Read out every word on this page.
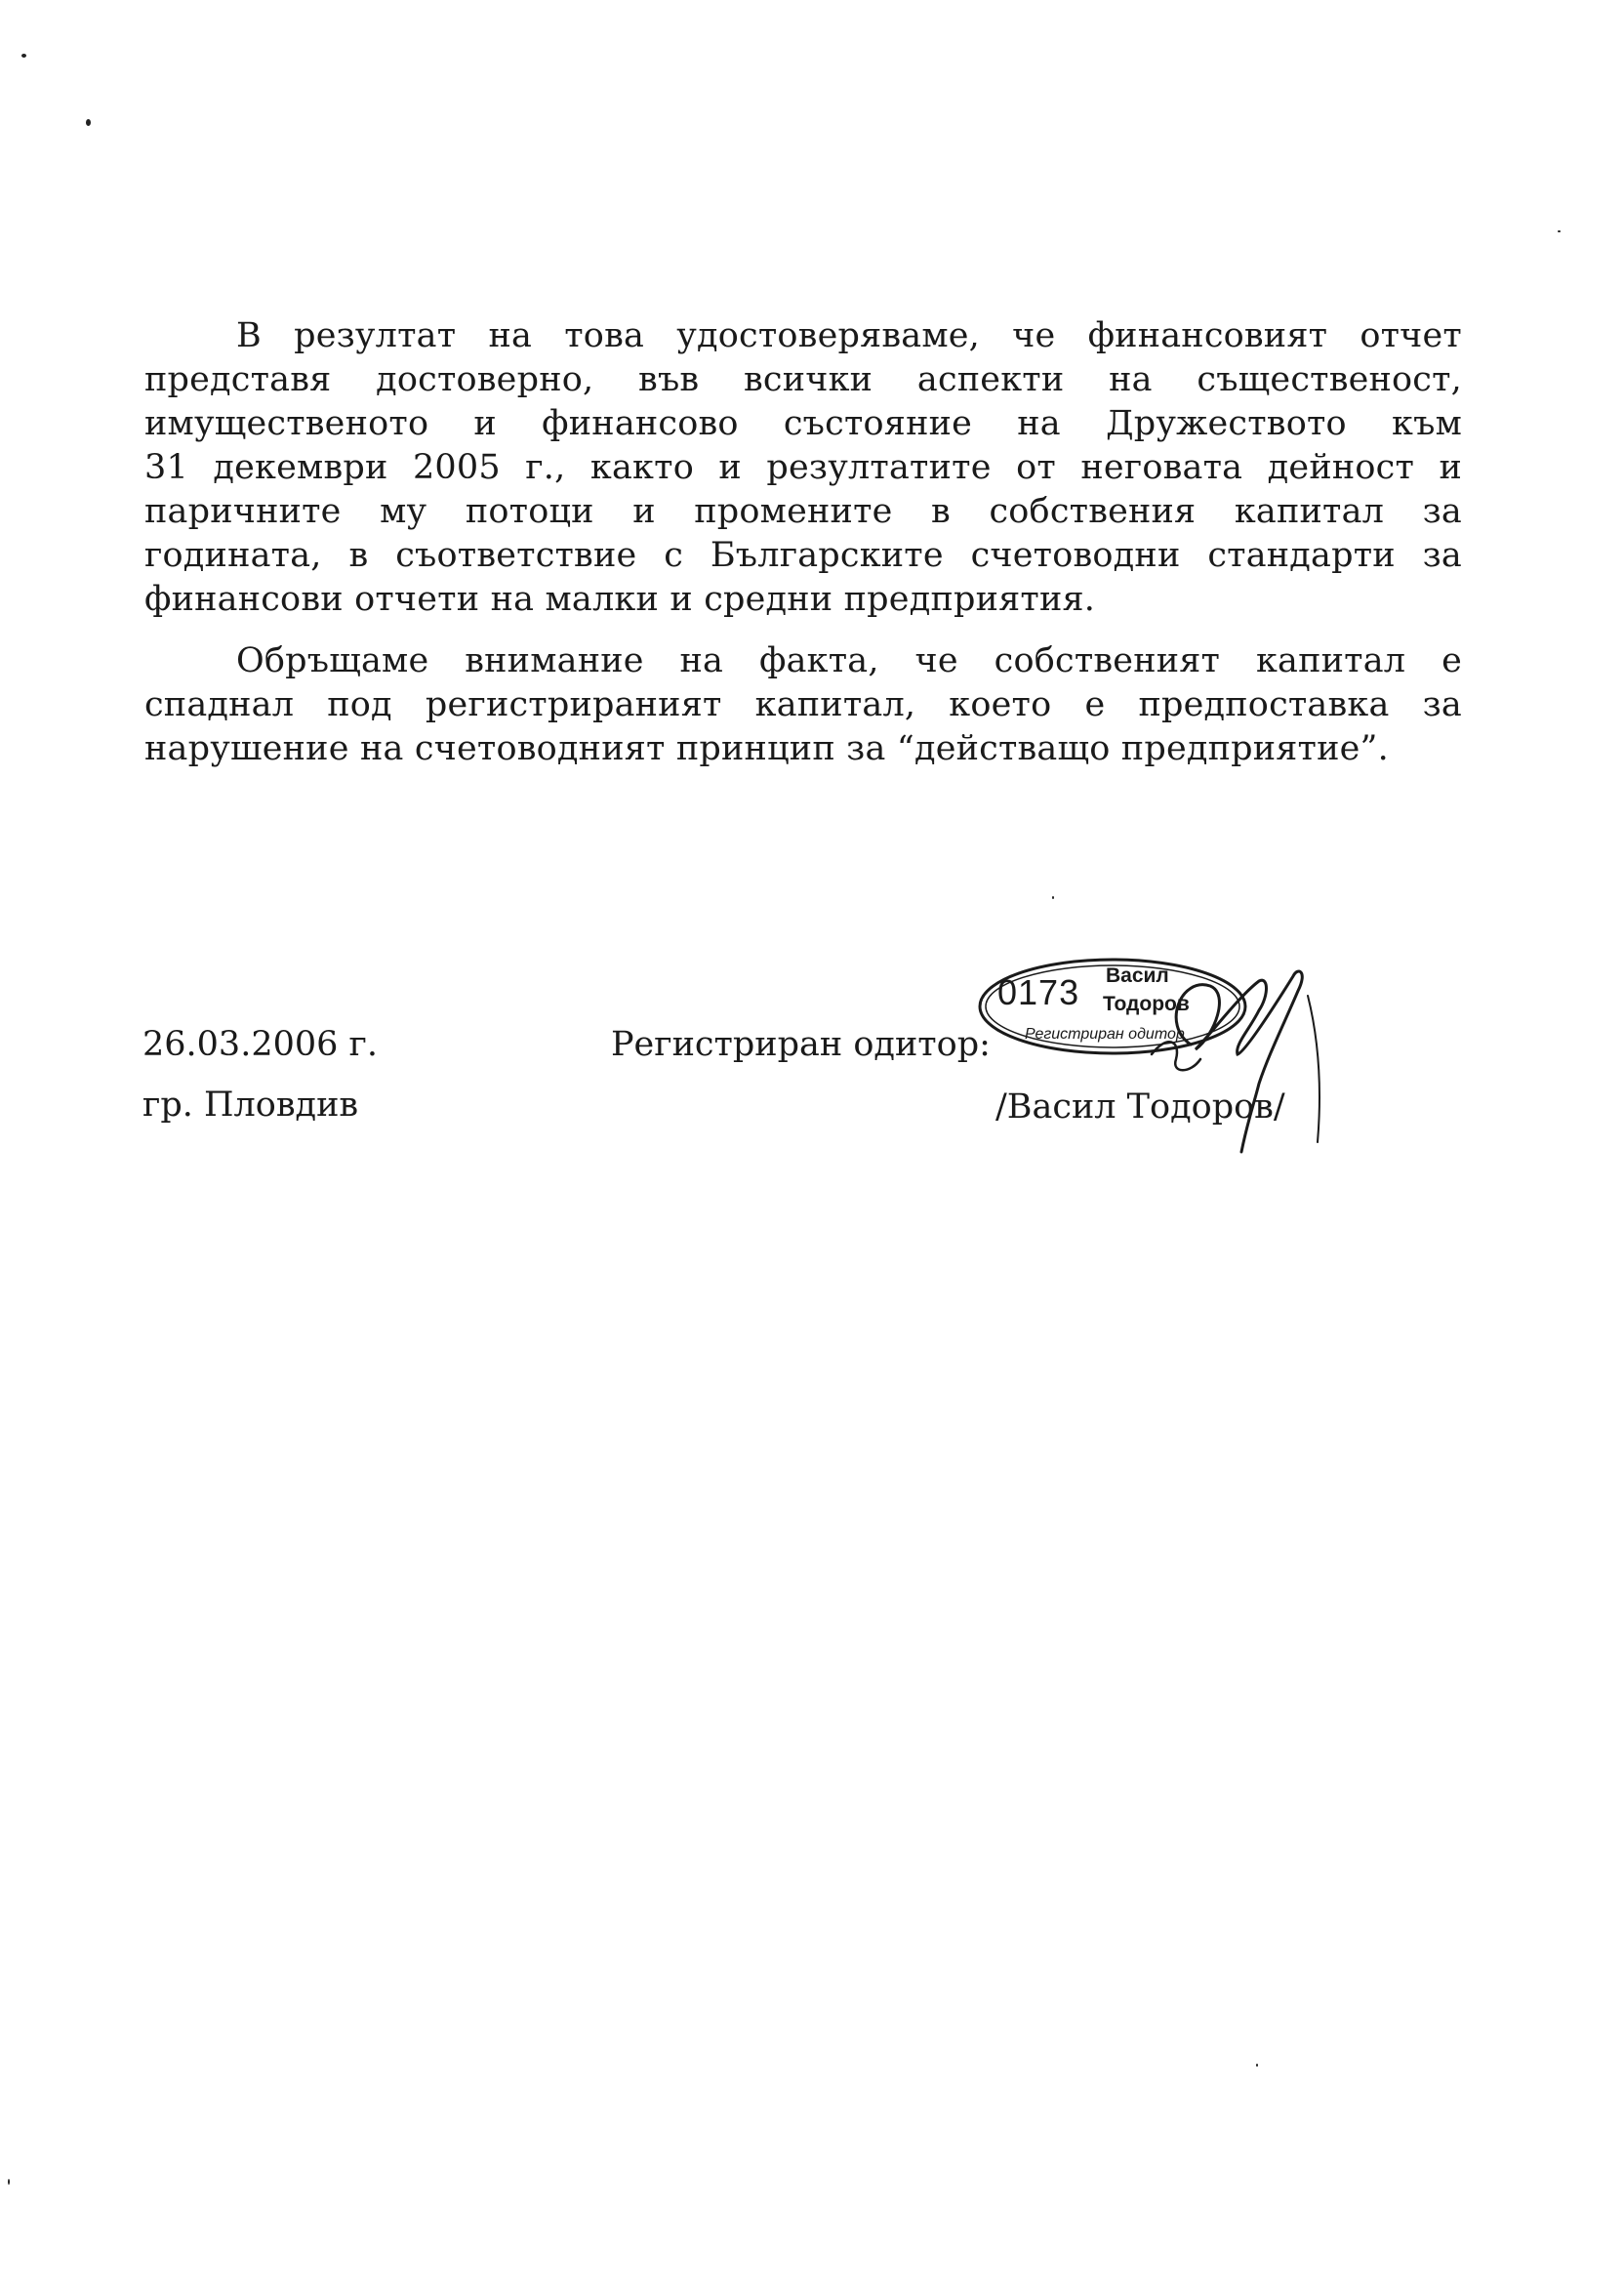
В резултат на това удостоверяваме, че финансовият отчет
представя достоверно, във всички аспекти на същественост,
имущественото и финансово състояние на Дружеството към
31 декември 2005 г., както и резултатите от неговата дейност и
паричните му потоци и промените в собствения капитал за
годината, в съответствие с Българските счетоводни стандарти за
финансови отчети на малки и средни предприятия.
Обръщаме внимание на факта, че собственият капитал е
спаднал под регистрираният капитал, което е предпоставка за
нарушение на счетоводният принцип за “действащо предприятие”.
26.03.2006 г.
гр. Пловдив
Регистриран одитор:
0173 Васил
Тодоров
Регистриран одитор
/Васил Тодоров/
